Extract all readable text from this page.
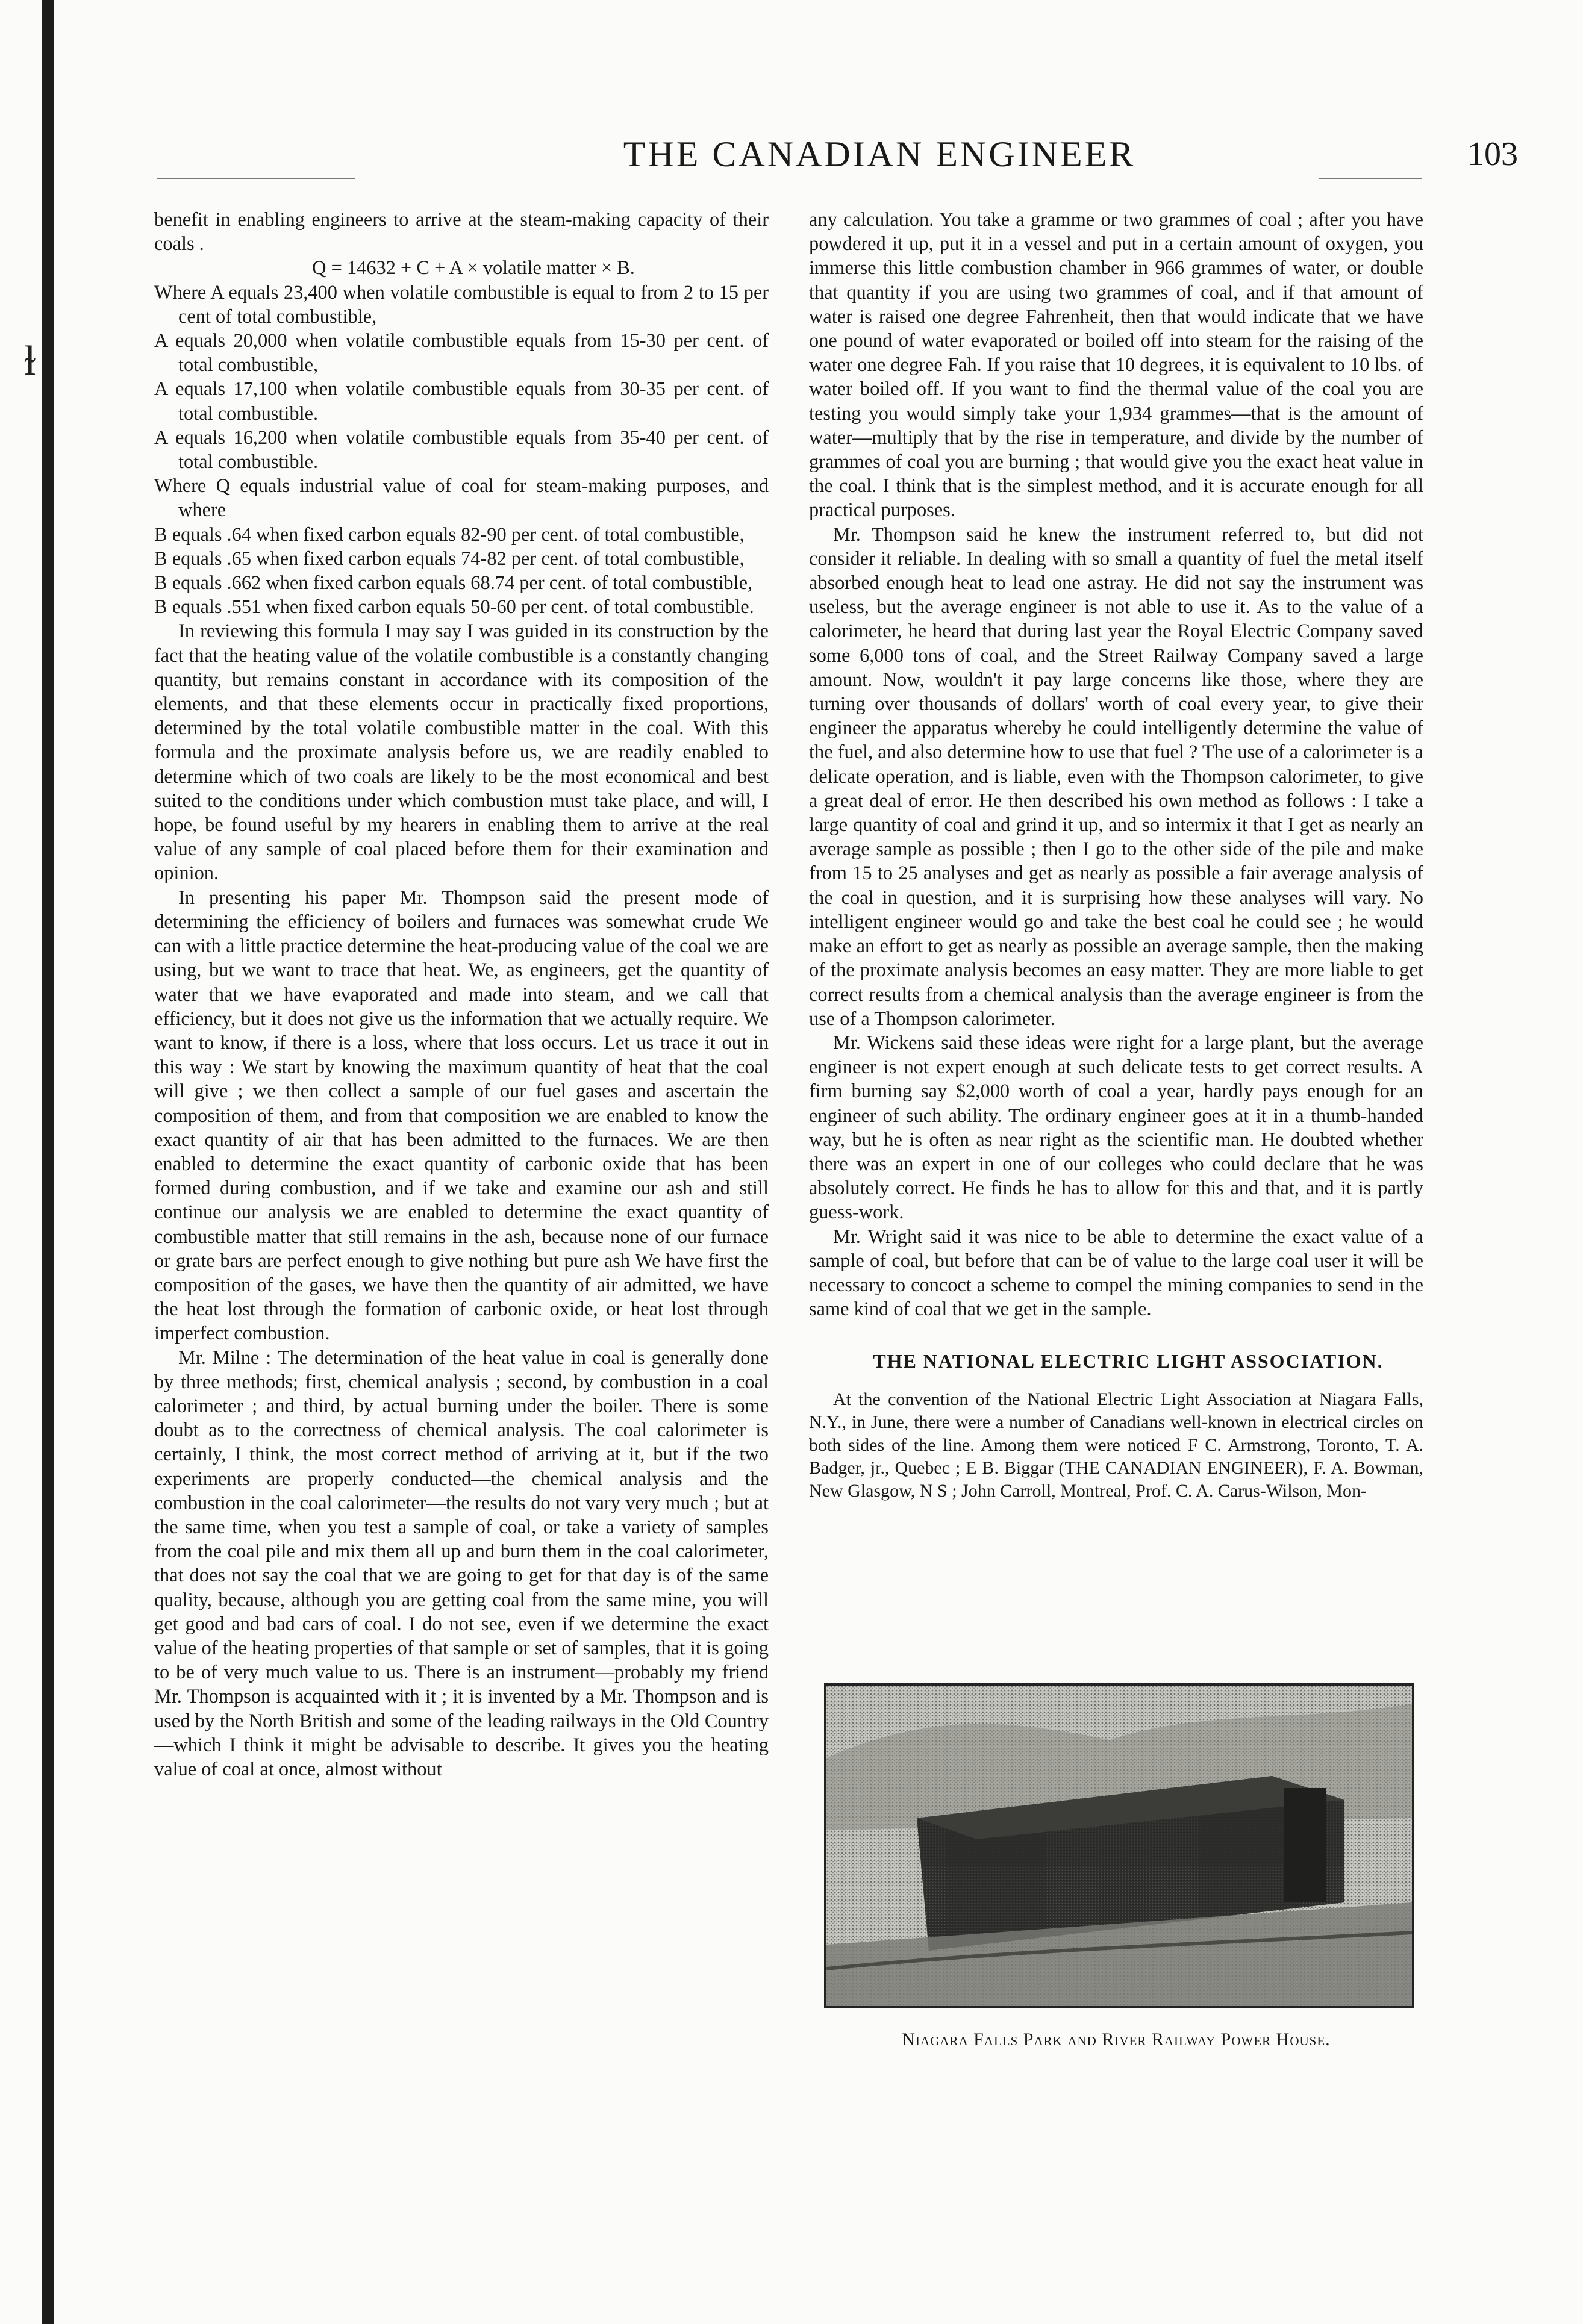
ɫ
THE CANADIAN ENGINEER	103

benefit in enabling engineers to arrive at the steam-making capacity of their coals .

Q = 14632 + C + A × volatile matter × B.

Where A equals 23,400 when volatile combustible is equal to from 2 to 15 per cent of total combustible,

A equals 20,000 when volatile combustible equals from 15-30 per cent. of total combustible,

A equals 17,100 when volatile combustible equals from 30-35 per cent. of total combustible.

A equals 16,200 when volatile combustible equals from 35-40 per cent. of total combustible.

Where Q equals industrial value of coal for steam-making purposes, and where

B equals .64 when fixed carbon equals 82-90 per cent. of total combustible,

B equals .65 when fixed carbon equals 74-82 per cent. of total combustible,

B equals .662 when fixed carbon equals 68.74 per cent. of total combustible,

B equals .551 when fixed carbon equals 50-60 per cent. of total combustible.

In reviewing this formula I may say I was guided in its construction by the fact that the heating value of the volatile combustible is a constantly changing quantity, but remains constant in accordance with its composition of the elements, and that these elements occur in practically fixed proportions, determined by the total volatile combustible matter in the coal. With this formula and the proximate analysis before us, we are readily enabled to determine which of two coals are likely to be the most economical and best suited to the conditions under which combustion must take place, and will, I hope, be found useful by my hearers in enabling them to arrive at the real value of any sample of coal placed before them for their examination and opinion.

In presenting his paper Mr. Thompson said the present mode of determining the efficiency of boilers and furnaces was somewhat crude We can with a little practice determine the heat-producing value of the coal we are using, but we want to trace that heat. We, as engineers, get the quantity of water that we have evaporated and made into steam, and we call that efficiency, but it does not give us the information that we actually require. We want to know, if there is a loss, where that loss occurs. Let us trace it out in this way : We start by knowing the maximum quantity of heat that the coal will give ; we then collect a sample of our fuel gases and ascertain the composition of them, and from that composition we are enabled to know the exact quantity of air that has been admitted to the furnaces. We are then enabled to determine the exact quantity of carbonic oxide that has been formed during combustion, and if we take and examine our ash and still continue our analysis we are enabled to determine the exact quantity of combustible matter that still remains in the ash, because none of our furnace or grate bars are perfect enough to give nothing but pure ash We have first the composition of the gases, we have then the quantity of air admitted, we have the heat lost through the formation of carbonic oxide, or heat lost through imperfect combustion.

Mr. Milne : The determination of the heat value in coal is generally done by three methods; first, chemical analysis ; second, by combustion in a coal calorimeter ; and third, by actual burning under the boiler. There is some doubt as to the correctness of chemical analysis. The coal calorimeter is certainly, I think, the most correct method of arriving at it, but if the two experiments are properly conducted—the chemical analysis and the combustion in the coal calorimeter—the results do not vary very much ; but at the same time, when you test a sample of coal, or take a variety of samples from the coal pile and mix them all up and burn them in the coal calorimeter, that does not say the coal that we are going to get for that day is of the same quality, because, although you are getting coal from the same mine, you will get good and bad cars of coal. I do not see, even if we determine the exact value of the heating properties of that sample or set of samples, that it is going to be of very much value to us. There is an instrument—probably my friend Mr. Thompson is acquainted with it ; it is invented by a Mr. Thompson and is used by the North British and some of the leading railways in the Old Country—which I think it might be advisable to describe. It gives you the heating value of coal at once, almost without

any calculation. You take a gramme or two grammes of coal ; after you have powdered it up, put it in a vessel and put in a certain amount of oxygen, you immerse this little combustion chamber in 966 grammes of water, or double that quantity if you are using two grammes of coal, and if that amount of water is raised one degree Fahrenheit, then that would indicate that we have one pound of water evaporated or boiled off into steam for the raising of the water one degree Fah. If you raise that 10 degrees, it is equivalent to 10 lbs. of water boiled off. If you want to find the thermal value of the coal you are testing you would simply take your 1,934 grammes—that is the amount of water—multiply that by the rise in temperature, and divide by the number of grammes of coal you are burning ; that would give you the exact heat value in the coal. I think that is the simplest method, and it is accurate enough for all practical purposes.

Mr. Thompson said he knew the instrument referred to, but did not consider it reliable. In dealing with so small a quantity of fuel the metal itself absorbed enough heat to lead one astray. He did not say the instrument was useless, but the average engineer is not able to use it. As to the value of a calorimeter, he heard that during last year the Royal Electric Company saved some 6,000 tons of coal, and the Street Railway Company saved a large amount. Now, wouldn't it pay large concerns like those, where they are turning over thousands of dollars' worth of coal every year, to give their engineer the apparatus whereby he could intelligently determine the value of the fuel, and also determine how to use that fuel ? The use of a calorimeter is a delicate operation, and is liable, even with the Thompson calorimeter, to give a great deal of error. He then described his own method as follows : I take a large quantity of coal and grind it up, and so intermix it that I get as nearly an average sample as possible ; then I go to the other side of the pile and make from 15 to 25 analyses and get as nearly as possible a fair average analysis of the coal in question, and it is surprising how these analyses will vary. No intelligent engineer would go and take the best coal he could see ; he would make an effort to get as nearly as possible an average sample, then the making of the proximate analysis becomes an easy matter. They are more liable to get correct results from a chemical analysis than the average engineer is from the use of a Thompson calorimeter.

Mr. Wickens said these ideas were right for a large plant, but the average engineer is not expert enough at such delicate tests to get correct results. A firm burning say $2,000 worth of coal a year, hardly pays enough for an engineer of such ability. The ordinary engineer goes at it in a thumb-handed way, but he is often as near right as the scientific man. He doubted whether there was an expert in one of our colleges who could declare that he was absolutely correct. He finds he has to allow for this and that, and it is partly guess-work.

Mr. Wright said it was nice to be able to determine the exact value of a sample of coal, but before that can be of value to the large coal user it will be necessary to concoct a scheme to compel the mining companies to send in the same kind of coal that we get in the sample.

THE NATIONAL ELECTRIC LIGHT ASSOCIATION.

At the convention of the National Electric Light Association at Niagara Falls, N.Y., in June, there were a number of Canadians well-known in electrical circles on both sides of the line. Among them were noticed F C. Armstrong, Toronto, T. A. Badger, jr., Quebec ; E B. Biggar (THE CANADIAN ENGINEER), F. A. Bowman, New Glasgow, N S ; John Carroll, Montreal, Prof. C. A. Carus-Wilson, Mon-

Niagara Falls Park and River Railway Power House.
